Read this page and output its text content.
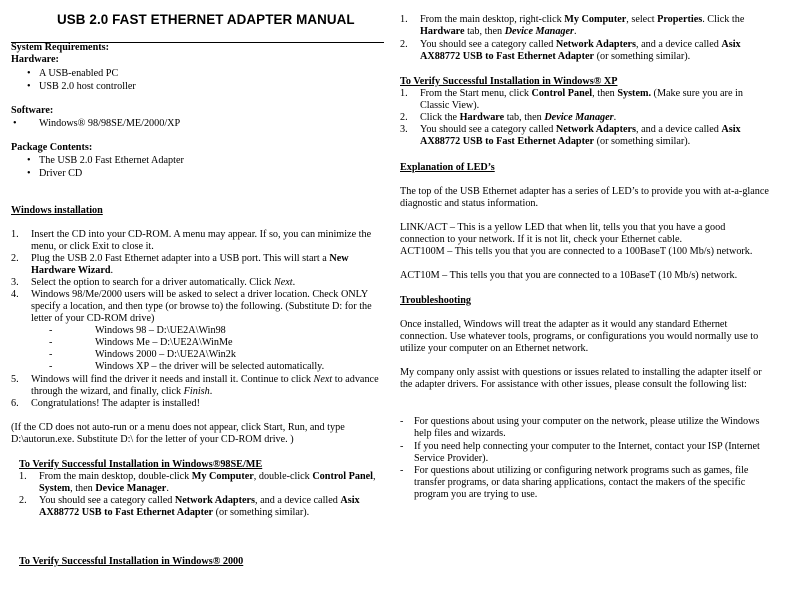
USB 2.0 FAST ETHERNET ADAPTER MANUAL
System Requirements:
Hardware:
• A USB-enabled PC
• USB 2.0 host controller
Software:
•	Windows® 98/98SE/ME/2000/XP
Package Contents:
• The USB 2.0 Fast Ethernet Adapter
• Driver CD
Windows installation
1.	Insert the CD into your CD-ROM. A menu may appear. If so, you can minimize the menu, or click Exit to close it.
2.	Plug the USB 2.0 Fast Ethernet adapter into a USB port. This will start a New Hardware Wizard.
3.	Select the option to search for a driver automatically. Click Next.
4.	Windows 98/Me/2000 users will be asked to select a driver location. Check ONLY specify a location, and then type (or browse to) the following. (Substitute D: for the letter of your CD-ROM drive)
-	Windows 98 – D:\UE2A\Win98
-	Windows Me – D:\UE2A\WinMe
-	Windows 2000 – D:\UE2A\Win2k
-	Windows XP – the driver will be selected automatically.
5.	Windows will find the driver it needs and install it. Continue to click Next to advance through the wizard, and finally, click Finish.
6.	Congratulations! The adapter is installed!
(If the CD does not auto-run or a menu does not appear, click Start, Run, and type D:\autorun.exe. Substitute D:\ for the letter of your CD-ROM drive. )
To Verify Successful Installation in Windows®98SE/ME
1.	From the main desktop, double-click My Computer, double-click Control Panel, System, then Device Manager.
2.	You should see a category called Network Adapters, and a device called Asix AX88772 USB to Fast Ethernet Adapter (or something similar).
To Verify Successful Installation in Windows® 2000
1.	From the main desktop, right-click My Computer, select Properties. Click the Hardware tab, then Device Manager.
2.	You should see a category called Network Adapters, and a device called Asix AX88772 USB to Fast Ethernet Adapter (or something similar).
To Verify Successful Installation in Windows® XP
1.	From the Start menu, click Control Panel, then System. (Make sure you are in Classic View).
2.	Click the Hardware tab, then Device Manager.
3.	You should see a category called Network Adapters, and a device called Asix AX88772 USB to Fast Ethernet Adapter (or something similar).
Explanation of LED’s
The top of the USB Ethernet adapter has a series of LED’s to provide you with at-a-glance diagnostic and status information.
LINK/ACT – This is a yellow LED that when lit, tells you that you have a good connection to your network. If it is not lit, check your Ethernet cable.
ACT100M – This tells you that you are connected to a 100BaseT (100 Mb/s) network.
ACT10M – This tells you that you are connected to a 10BaseT (10 Mb/s) network.
Troubleshooting
Once installed, Windows will treat the adapter as it would any standard Ethernet connection. Use whatever tools, programs, or configurations you would normally use to utilize your computer on an Ethernet network.
My company only assist with questions or issues related to installing the adapter itself or the adapter drivers. For assistance with other issues, please consult the following list:
-	For questions about using your computer on the network, please utilize the Windows help files and wizards.
-	If you need help connecting your computer to the Internet, contact your ISP (Internet Service Provider).
-	For questions about utilizing or configuring network programs such as games, file transfer programs, or data sharing applications, contact the makers of the specific program you are trying to use.
